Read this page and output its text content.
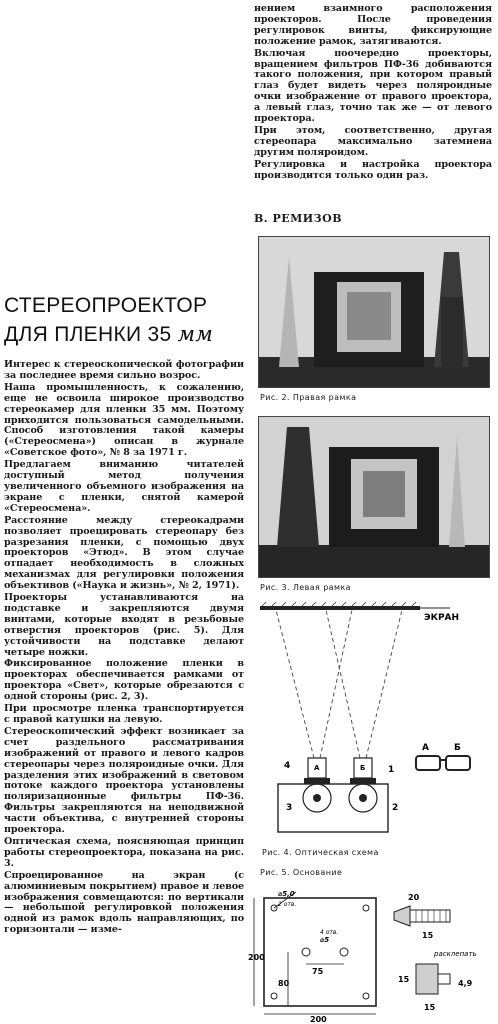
нением взаимного расположения проекторов. После проведения регулировок винты, фиксирующие положение рамок, затягиваются.

Включая поочередно проекторы, вращением фильтров ПФ-36 добиваются такого положения, при котором правый глаз будет видеть через поляроидные очки изображение от правого проектора, а левый глаз, точно так же — от левого проектора.

При этом, соответственно, другая стереопара максимально затемнена другим поляроидом.

Регулировка и настройка проектора производится только один раз.

В. РЕМИЗОВ
СТЕРЕОПРОЕКТОР
ДЛЯ ПЛЕНКИ 35 мм

Интерес к стереоскопической фотографии за последнее время сильно возрос.

Наша промышленность, к сожалению, еще не освоила широкое производство стереокамер для пленки 35 мм. Поэтому приходится пользоваться самодельными. Способ изготовления такой камеры («Стереосмена») описан в журнале «Советское фото», № 8 за 1971 г.

Предлагаем вниманию читателей доступный метод получения увеличенного объемного изображения на экране с пленки, снятой камерой «Стереосмена».

Расстояние между стереокадрами позволяет проецировать стереопару без разрезания пленки, с помощью двух проекторов «Этюд». В этом случае отпадает необходимость в сложных механизмах для регулировки положения объективов («Наука и жизнь», № 2, 1971).

Проекторы устанавливаются на подставке и закрепляются двумя винтами, которые входят в резьбовые отверстия проекторов (рис. 5). Для устойчивости на подставке делают четыре ножки.

Фиксированное положение пленки в проекторах обеспечивается рамками от проектора «Свет», которые обрезаются с одной стороны (рис. 2, 3).

При просмотре пленка транспортируется с правой катушки на левую.

Стереоскопический эффект возникает за счет раздельного рассматривания изображений от правого и левого кадров стереопары через поляроидные очки. Для разделения этих изображений в световом потоке каждого проектора установлены поляризационные фильтры ПФ-36. Фильтры закрепляются на неподвижной части объектива, с внутренней стороны проектора.

Оптическая схема, поясняющая принцип работы стереопроектора, показана на рис. 3.

Спроецированное на экран (с алюминиевым покрытием) правое и левое изображения совмещаются: по вертикали — небольшой регулировкой положения одной из рамок вдоль направляющих, по горизонтали — изме-

Рис. 2. Правая рамка
Рис. 3. Левая рамка
ЭКРАН
А	Б	1
2
3
4
А	Б
Рис. 4. Оптическая схема
Рис. 5. Основание
⌀5,0
2 отв.
⌀5
4 отв.
75
80
200
200
20
15
расклепать
15
15
4,9
